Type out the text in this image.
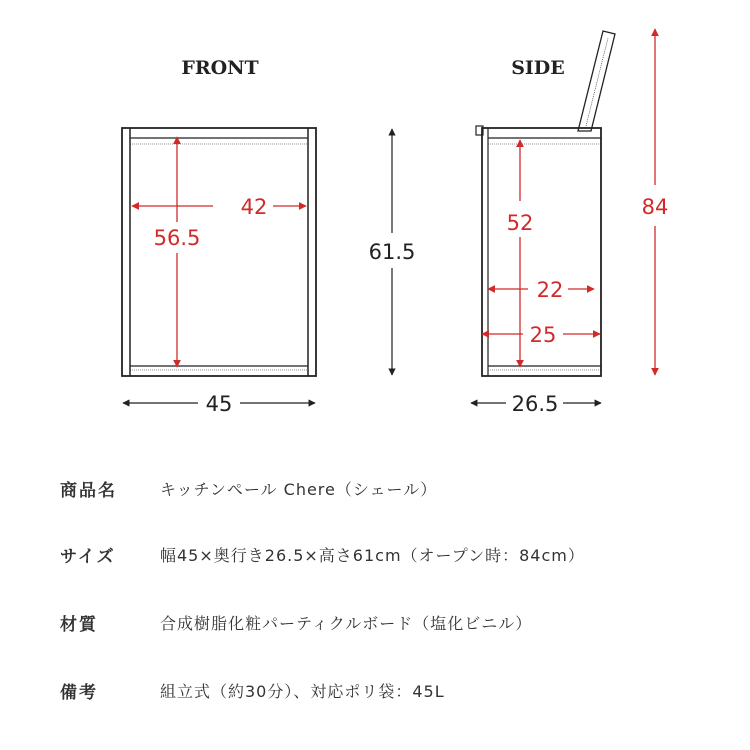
FRONT
42
56.5
61.5
45
SIDE
52
22
25
26.5
84
商品名	キッチンペール Chere（シェール）
サイズ	幅45×奥行き26.5×高さ61cm（オープン時：84cm）
材質	合成樹脂化粧パーティクルボード（塩化ビニル）
備考	組立式（約30分）、対応ポリ袋：45L
